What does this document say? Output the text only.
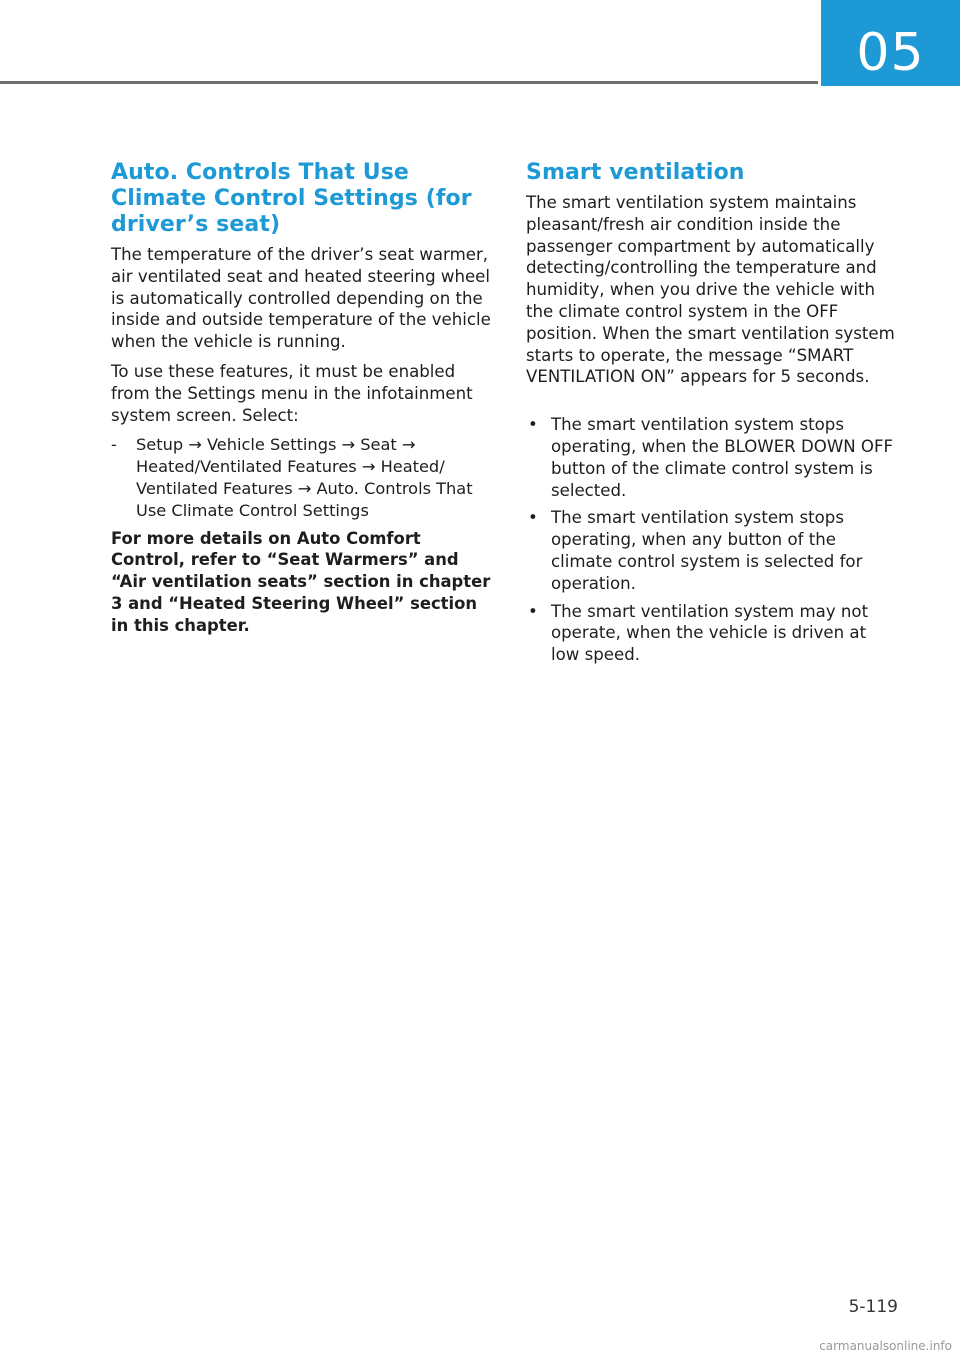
05
Auto. Controls That Use Climate Control Settings (for driver’s seat)

The temperature of the driver’s seat warmer, air ventilated seat and heated steering wheel is automatically controlled depending on the inside and outside temperature of the vehicle when the vehicle is running.

To use these features, it must be enabled from the Settings menu in the infotainment system screen. Select:

- Setup → Vehicle Settings → Seat → Heated/Ventilated Features → Heated/ Ventilated Features → Auto. Controls That Use Climate Control Settings

For more details on Auto Comfort Control, refer to “Seat Warmers” and “Air ventilation seats” section in chapter 3 and “Heated Steering Wheel” section in this chapter.

Smart ventilation

The smart ventilation system maintains pleasant/fresh air condition inside the passenger compartment by automatically detecting/controlling the temperature and humidity, when you drive the vehicle with the climate control system in the OFF position. When the smart ventilation system starts to operate, the message “SMART VENTILATION ON” appears for 5 seconds.

• The smart ventilation system stops operating, when the BLOWER DOWN OFF button of the climate control system is selected.
• The smart ventilation system stops operating, when any button of the climate control system is selected for operation.
• The smart ventilation system may not operate, when the vehicle is driven at low speed.
5-119
carmanualsonline.info
